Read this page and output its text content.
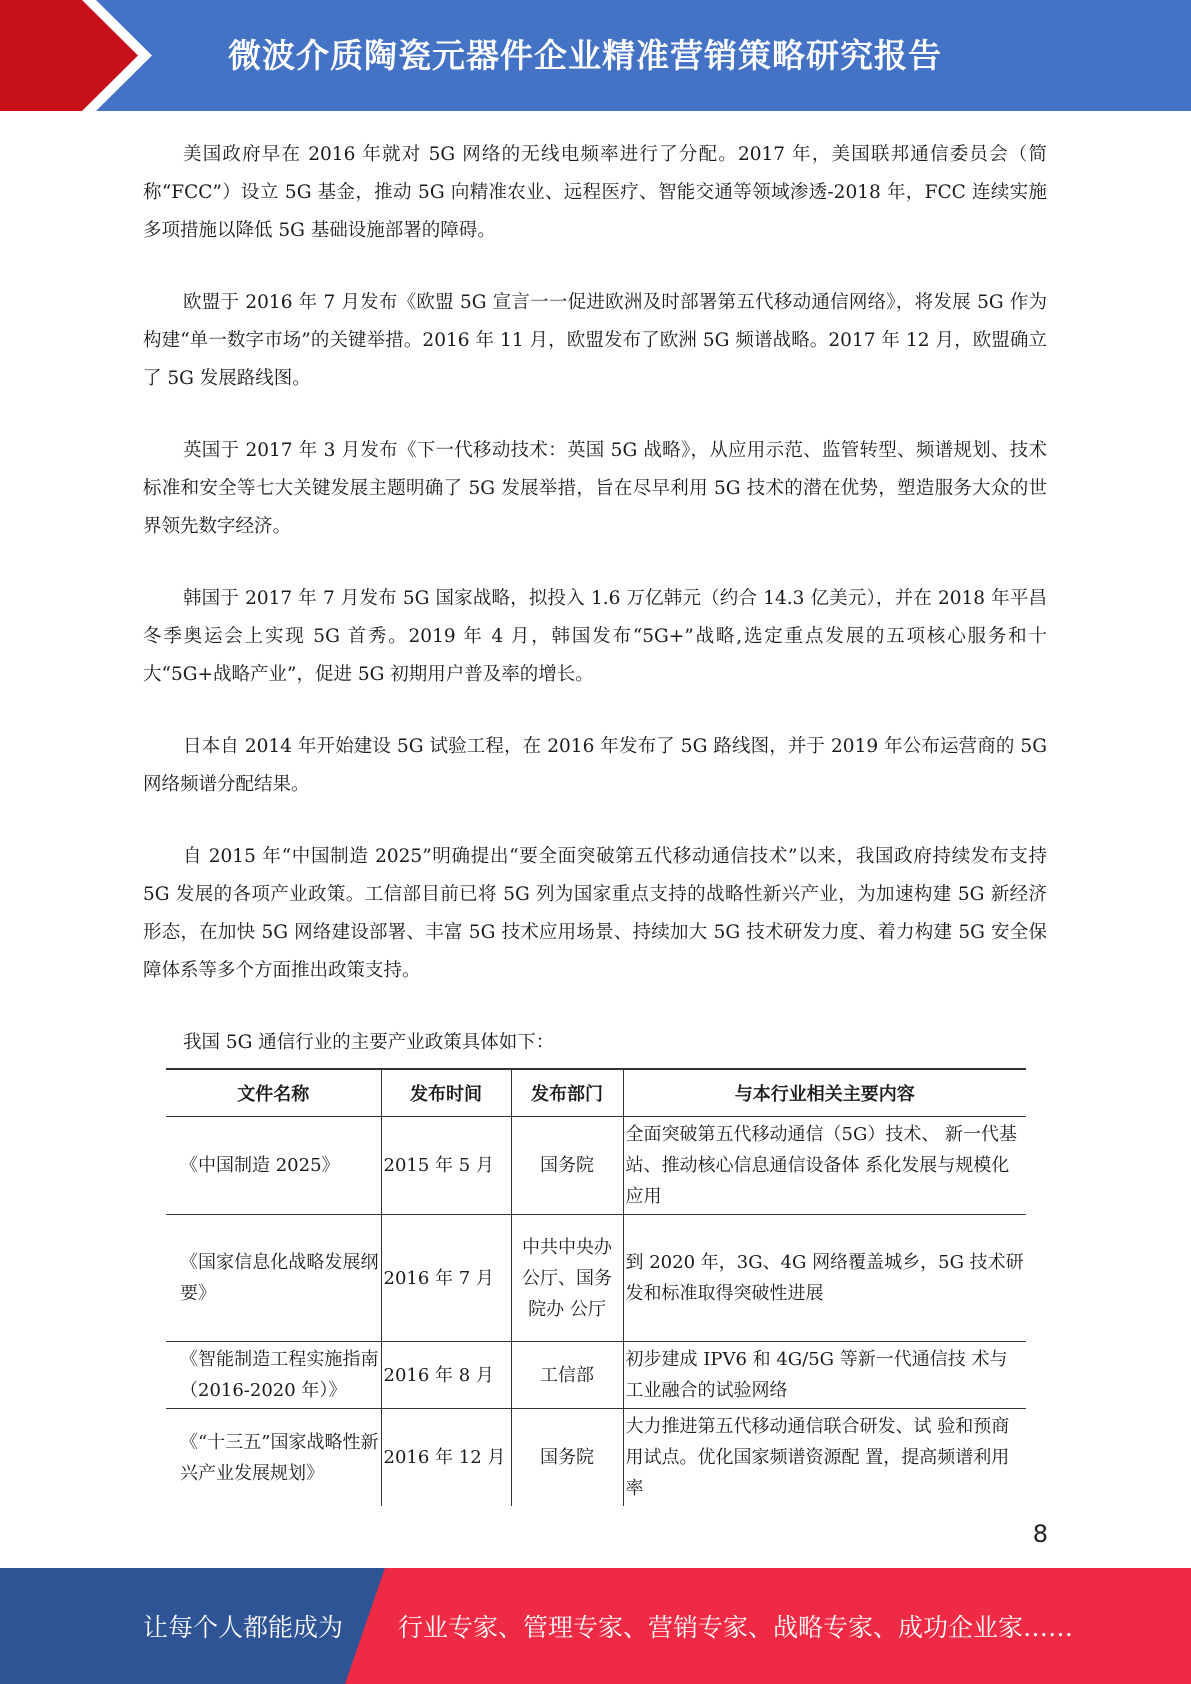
微波介质陶瓷元器件企业精准营销策略研究报告

美国政府早在 2016 年就对 5G 网络的无线电频率进行了分配。2017 年，美国联邦通信委员会（简称“FCC”）设立 5G 基金，推动 5G 向精准农业、远程医疗、智能交通等领域渗透-2018 年，FCC 连续实施多项措施以降低 5G 基础设施部署的障碍。

欧盟于 2016 年 7 月发布《欧盟 5G 宣言一一促进欧洲及时部署第五代移动通信网络》，将发展 5G 作为构建“单一数字市场”的关键举措。2016 年 11 月，欧盟发布了欧洲 5G 频谱战略。2017 年 12 月，欧盟确立了 5G 发展路线图。

英国于 2017 年 3 月发布《下一代移动技术：英国 5G 战略》，从应用示范、监管转型、频谱规划、技术标准和安全等七大关键发展主题明确了 5G 发展举措，旨在尽早利用 5G 技术的潜在优势，塑造服务大众的世界领先数字经济。

韩国于 2017 年 7 月发布 5G 国家战略，拟投入 1.6 万亿韩元（约合 14.3 亿美元），并在 2018 年平昌冬季奥运会上实现 5G 首秀。2019 年 4 月，韩国发布“5G+”战略,选定重点发展的五项核心服务和十大“5G+战略产业”，促进 5G 初期用户普及率的增长。

日本自 2014 年开始建设 5G 试验工程，在 2016 年发布了 5G 路线图，并于 2019 年公布运营商的 5G 网络频谱分配结果。

自 2015 年“中国制造 2025”明确提出“要全面突破第五代移动通信技术”以来，我国政府持续发布支持 5G 发展的各项产业政策。工信部目前已将 5G 列为国家重点支持的战略性新兴产业，为加速构建 5G 新经济形态，在加快 5G 网络建设部署、丰富 5G 技术应用场景、持续加大 5G 技术研发力度、着力构建 5G 安全保障体系等多个方面推出政策支持。

我国 5G 通信行业的主要产业政策具体如下：

文件名称	发布时间	发布部门	与本行业相关主要内容
《中国制造 2025》	2015 年 5 月	国务院	全面突破第五代移动通信（5G）技术、 新一代基站、推动核心信息通信设备体 系化发展与规模化应用
《国家信息化战略发展纲要》	2016 年 7 月	中共中央办公厅、国务院办 公厅	到 2020 年，3G、4G 网络覆盖城乡，5G 技术研发和标准取得突破性进展
《智能制造工程实施指南（2016-2020 年）》	2016 年 8 月	工信部	初步建成 IPV6 和 4G/5G 等新一代通信技 术与工业融合的试验网络
《“十三五”国家战略性新兴产业发展规划》	2016 年 12 月	国务院	大力推进第五代移动通信联合研发、试 验和预商用试点。优化国家频谱资源配 置，提高频谱利用率
8
让每个人都能成为 行业专家、管理专家、营销专家、战略专家、成功企业家……
